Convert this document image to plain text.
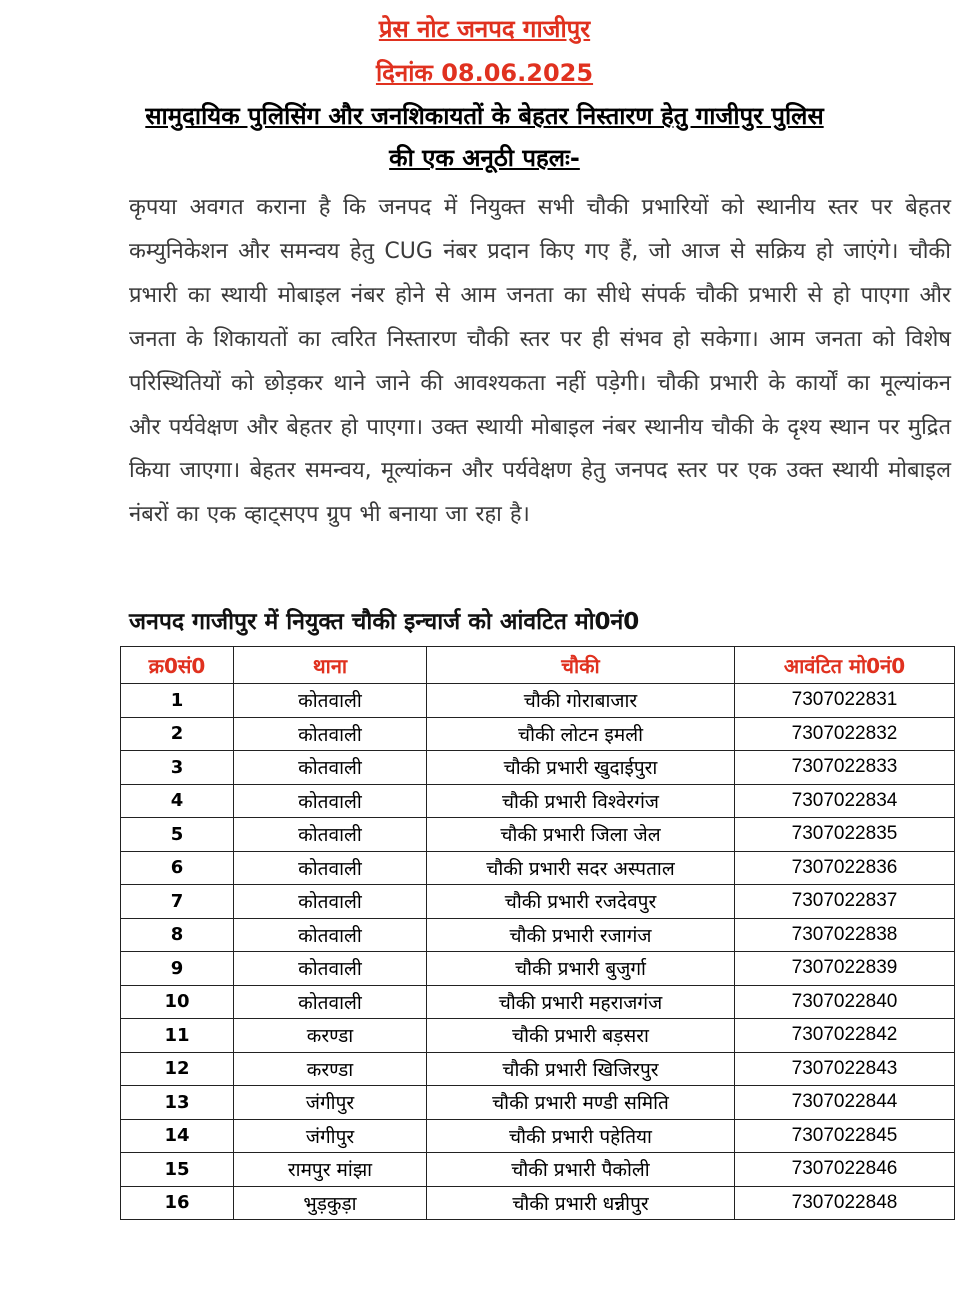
प्रेस नोट जनपद गाजीपुर
दिनांक 08.06.2025
सामुदायिक पुलिसिंग और जनशिकायतों के बेहतर निस्तारण हेतु गाजीपुर पुलिस
की एक अनूठी पहलः-
कृपया अवगत कराना है कि जनपद में नियुक्त सभी चौकी प्रभारियों को स्थानीय स्तर पर बेहतर कम्युनिकेशन और समन्वय हेतु CUG नंबर प्रदान किए गए हैं, जो आज से सक्रिय हो जाएंगे। चौकी प्रभारी का स्थायी मोबाइल नंबर होने से आम जनता का सीधे संपर्क चौकी प्रभारी से हो पाएगा और जनता के शिकायतों का त्वरित निस्तारण चौकी स्तर पर ही संभव हो सकेगा। आम जनता को विशेष परिस्थितियों को छोड़कर थाने जाने की आवश्यकता नहीं पड़ेगी। चौकी प्रभारी के कार्यों का मूल्यांकन और पर्यवेक्षण और बेहतर हो पाएगा। उक्त स्थायी मोबाइल नंबर स्थानीय चौकी के दृश्य स्थान पर मुद्रित किया जाएगा। बेहतर समन्वय, मूल्यांकन और पर्यवेक्षण हेतु जनपद स्तर पर एक उक्त स्थायी मोबाइल नंबरों का एक व्हाट्सएप ग्रुप भी बनाया जा रहा है।
जनपद गाजीपुर में नियुक्त चौकी इन्चार्ज को आंवटित मो0नं0
क्र0सं0	थाना	चौकी	आवंटित मो0नं0
1	कोतवाली	चौकी गोराबाजार	7307022831
2	कोतवाली	चौकी लोटन इमली	7307022832
3	कोतवाली	चौकी प्रभारी खुदाईपुरा	7307022833
4	कोतवाली	चौकी प्रभारी विश्वेरगंज	7307022834
5	कोतवाली	चौकी प्रभारी जिला जेल	7307022835
6	कोतवाली	चौकी प्रभारी सदर अस्पताल	7307022836
7	कोतवाली	चौकी प्रभारी रजदेवपुर	7307022837
8	कोतवाली	चौकी प्रभारी रजागंज	7307022838
9	कोतवाली	चौकी प्रभारी बुजुर्गा	7307022839
10	कोतवाली	चौकी प्रभारी महराजगंज	7307022840
11	करण्डा	चौकी प्रभारी बड़सरा	7307022842
12	करण्डा	चौकी प्रभारी खिजिरपुर	7307022843
13	जंगीपुर	चौकी प्रभारी मण्डी समिति	7307022844
14	जंगीपुर	चौकी प्रभारी पहेतिया	7307022845
15	रामपुर मांझा	चौकी प्रभारी पैकोली	7307022846
16	भुड़कुड़ा	चौकी प्रभारी धन्नीपुर	7307022848
